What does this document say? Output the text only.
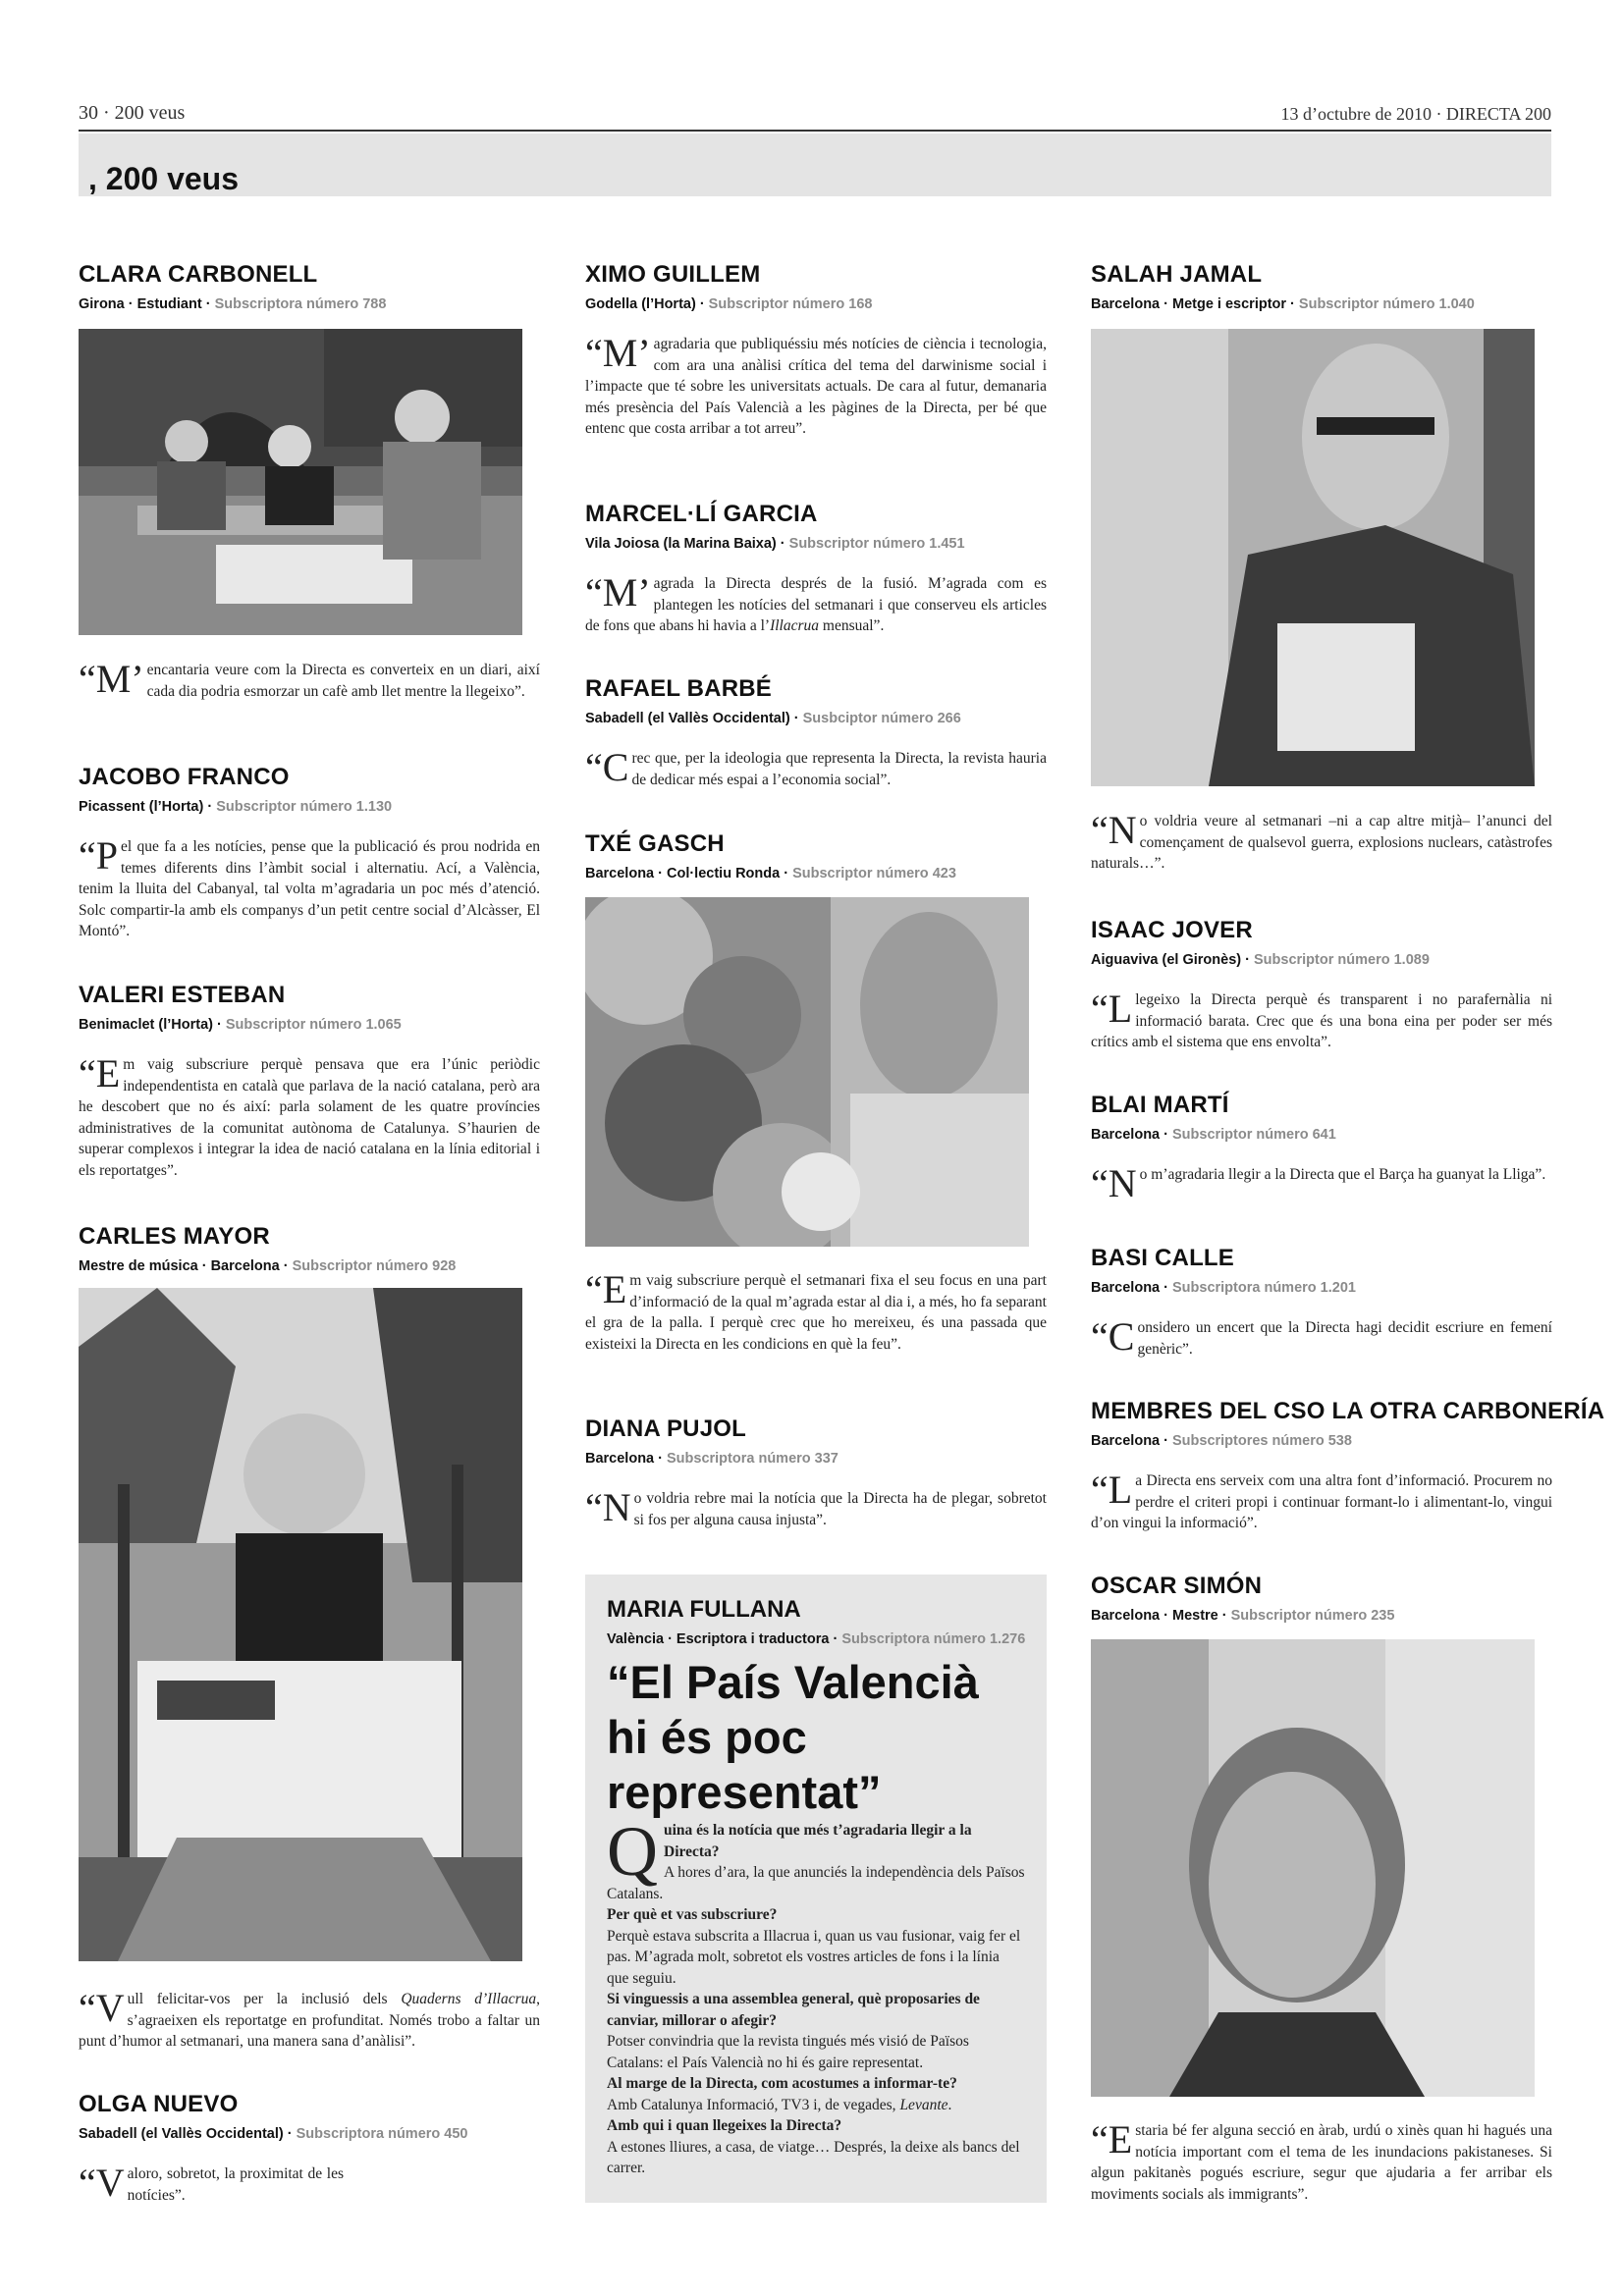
30 · 200 veus	13 d’octubre de 2010 · DIRECTA 200
, 200 veus
CLARA CARBONELL
Girona · Estudiant · Subscriptora número 788
“M’ encantaria veure com la Directa es converteix en un diari, així cada dia podria esmorzar un cafè amb llet mentre la llegeixo”.
JACOBO FRANCO
Picassent (l’Horta) · Subscriptor número 1.130
“Pel que fa a les notícies, pense que la publicació és prou nodrida en temes diferents dins l’àmbit social i alternatiu. Ací, a València, tenim la lluita del Cabanyal, tal volta m’agradaria un poc més d’atenció. Solc compartir-la amb els companys d’un petit centre social d’Alcàsser, El Montó”.
VALERI ESTEBAN
Benimaclet (l’Horta) · Subscriptor número 1.065
“Em vaig subscriure perquè pensava que era l’únic periòdic independentista en català que parlava de la nació catalana, però ara he descobert que no és així: parla solament de les quatre províncies administratives de la comunitat autònoma de Catalunya. S’haurien de superar complexos i integrar la idea de nació catalana en la línia editorial i els reportatges”.
CARLES MAYOR
Mestre de música · Barcelona · Subscriptor número 928
“Vull felicitar-vos per la inclusió dels Quaderns d’Illacrua, s’agraeixen els reportatge en profunditat. Només trobo a faltar un punt d’humor al setmanari, una manera sana d’anàlisi”.
OLGA NUEVO
Sabadell (el Vallès Occidental) · Subscriptora número 450
“Valoro, sobretot, la proximitat de les notícies”.
XIMO GUILLEM
Godella (l’Horta) · Subscriptor número 168
“M’ agradaria que publiquéssiu més notícies de ciència i tecnologia, com ara una anàlisi crítica del tema del darwinisme social i l’impacte que té sobre les universitats actuals. De cara al futur, demanaria més presència del País Valencià a les pàgines de la Directa, per bé que entenc que costa arribar a tot arreu”.
MARCEL·LÍ GARCIA
Vila Joiosa (la Marina Baixa) · Subscriptor número 1.451
“M’ agrada la Directa després de la fusió. M’agrada com es plantegen les notícies del setmanari i que conserveu els articles de fons que abans hi havia a l’Illacrua mensual”.
RAFAEL BARBÉ
Sabadell (el Vallès Occidental) · Susbciptor número 266
“Crec que, per la ideologia que representa la Directa, la revista hauria de dedicar més espai a l’economia social”.
TXÉ GASCH
Barcelona · Col·lectiu Ronda · Subscriptor número 423
“Em vaig subscriure perquè el setmanari fixa el seu focus en una part d’informació de la qual m’agrada estar al dia i, a més, ho fa separant el gra de la palla. I perquè crec que ho mereixeu, és una passada que existeixi la Directa en les condicions en què la feu”.
DIANA PUJOL
Barcelona · Subscriptora número 337
“No voldria rebre mai la notícia que la Directa ha de plegar, sobretot si fos per alguna causa injusta”.
MARIA FULLANA
València · Escriptora i traductora · Subscriptora número 1.276
“El País Valencià hi és poc representat”
Quina és la notícia que més t’agradaria llegir a la Directa?
A hores d’ara, la que anunciés la independència dels Països Catalans.
Per què et vas subscriure?
Perquè estava subscrita a Illacrua i, quan us vau fusionar, vaig fer el pas. M’agrada molt, sobretot els vostres articles de fons i la línia que seguiu.
Si vinguessis a una assemblea general, què proposaries de canviar, millorar o afegir?
Potser convindria que la revista tingués més visió de Països Catalans: el País Valencià no hi és gaire representat.
Al marge de la Directa, com acostumes a informar-te?
Amb Catalunya Informació, TV3 i, de vegades, Levante.
Amb qui i quan llegeixes la Directa?
A estones lliures, a casa, de viatge… Després, la deixe als bancs del carrer.
SALAH JAMAL
Barcelona · Metge i escriptor · Subscriptor número 1.040
“No voldria veure al setmanari –ni a cap altre mitjà– l’anunci del començament de qualsevol guerra, explosions nuclears, catàstrofes naturals…”.
ISAAC JOVER
Aiguaviva (el Gironès) · Subscriptor número 1.089
“Llegeixo la Directa perquè és transparent i no parafernàlia ni informació barata. Crec que és una bona eina per poder ser més crítics amb el sistema que ens envolta”.
BLAI MARTÍ
Barcelona · Subscriptor número 641
“No m’agradaria llegir a la Directa que el Barça ha guanyat la Lliga”.
BASI CALLE
Barcelona · Subscriptora número 1.201
“Considero un encert que la Directa hagi decidit escriure en femení genèric”.
MEMBRES DEL CSO LA OTRA CARBONERÍA
Barcelona · Subscriptores número 538
“La Directa ens serveix com una altra font d’informació. Procurem no perdre el criteri propi i continuar formant-lo i alimentant-lo, vingui d’on vingui la informació”.
OSCAR SIMÓN
Barcelona · Mestre · Subscriptor número 235
“Estaria bé fer alguna secció en àrab, urdú o xinès quan hi hagués una notícia important com el tema de les inundacions pakistaneses. Si algun pakitanès pogués escriure, segur que ajudaria a fer arribar els moviments socials als immigrants”.
